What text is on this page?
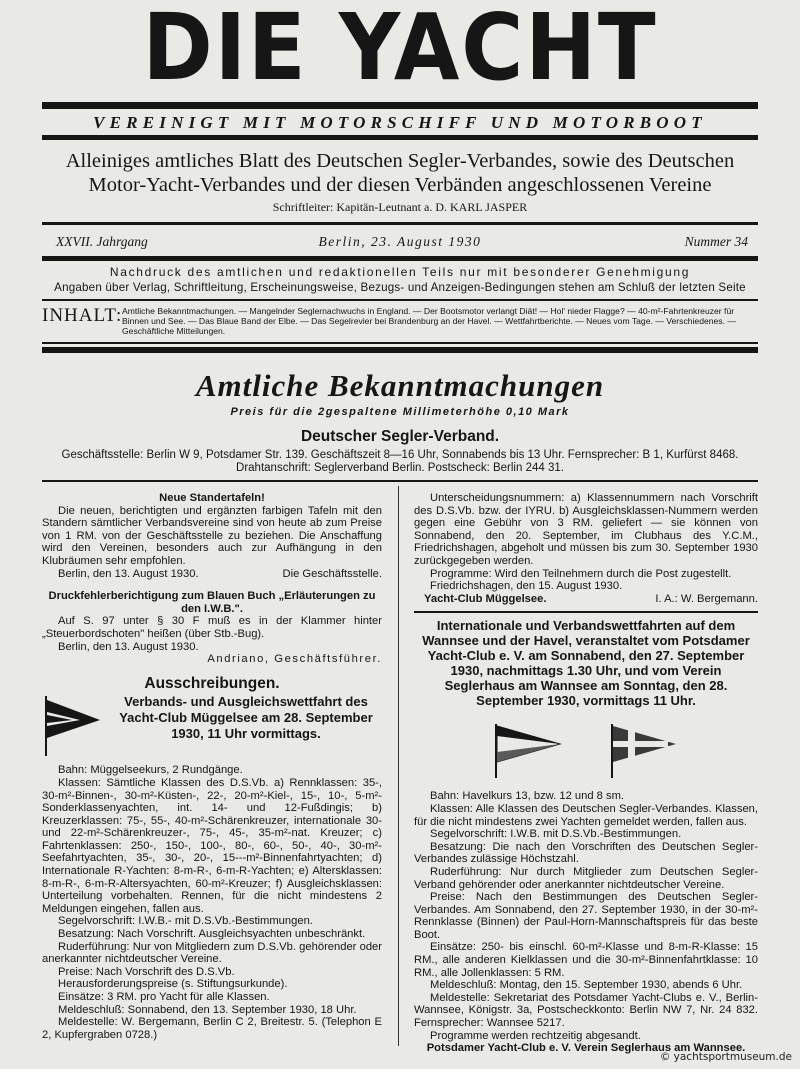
DIE YACHT
VEREINIGT MIT MOTORSCHIFF UND MOTORBOOT
Alleiniges amtliches Blatt des Deutschen Segler-Verbandes, sowie des Deutschen
Motor-Yacht-Verbandes und der diesen Verbänden angeschlossenen Vereine
Schriftleiter: Kapitän-Leutnant a. D. KARL JASPER
XXVII. Jahrgang	Berlin, 23. August 1930	Nummer 34
Nachdruck des amtlichen und redaktionellen Teils nur mit besonderer Genehmigung
Angaben über Verlag, Schriftleitung, Erscheinungsweise, Bezugs- und Anzeigen-Bedingungen stehen am Schluß der letzten Seite
INHALT: Amtliche Bekanntmachungen. — Mangelnder Seglernachwuchs in England. — Der Bootsmotor verlangt Diät! — Hol' nieder Flagge? — 40-m²-Fahrtenkreuzer für Binnen und See. — Das Blaue Band der Elbe. — Das Segelrevier bei Brandenburg an der Havel. — Wettfahrtberichte. — Neues vom Tage. — Verschiedenes. — Geschäftliche Mitteilungen.
Amtliche Bekanntmachungen
Preis für die 2gespaltene Millimeterhöhe 0,10 Mark
Deutscher Segler-Verband.
Geschäftsstelle: Berlin W 9, Potsdamer Str. 139. Geschäftszeit 8—16 Uhr, Sonnabends bis 13 Uhr. Fernsprecher: B 1, Kurfürst 8468.
Drahtanschrift: Seglerverband Berlin. Postscheck: Berlin 244 31.

Neue Standertafeln!

Die neuen, berichtigten und ergänzten farbigen Tafeln mit den Standern sämtlicher Verbandsvereine sind von heute ab zum Preise von 1 RM. von der Geschäftsstelle zu beziehen. Die Anschaffung wird den Vereinen, besonders auch zur Aufhängung in den Klubräumen sehr empfohlen.

Berlin, den 13. August 1930.	Die Geschäftsstelle.

Druckfehlerberichtigung zum Blauen Buch „Erläuterungen zu den I.W.B.".

Auf S. 97 unter § 30 F muß es in der Klammer hinter „Steuerbordschoten" heißen (über Stb.-Bug).

Berlin, den 13. August 1930.

Andriano, Geschäftsführer.

Ausschreibungen.

Verbands- und Ausgleichswettfahrt des Yacht-Club Müggelsee am 28. September 1930, 11 Uhr vormittags.

Bahn: Müggelseekurs, 2 Rundgänge.

Klassen: Sämtliche Klassen des D.S.Vb. a) Rennklassen: 35-, 30-m²-Binnen-, 30-m²-Küsten-, 22-, 20-m²-Kiel-, 15-, 10-, 5-m²-Sonderklassenyachten, int. 14- und 12-Fußdingis; b) Kreuzerklassen: 75-, 55-, 40-m²-Schärenkreuzer, internationale 30- und 22-m²-Schärenkreuzer-, 75-, 45-, 35-m²-nat. Kreuzer; c) Fahrtenklassen: 250-, 150-, 100-, 80-, 60-, 50-, 40-, 30-m²-Seefahrtyachten, 35-, 30-, 20-, 15---m²-Binnenfahrtyachten; d) Internationale R-Yachten: 8-m-R-, 6-m-R-Yachten; e) Altersklassen: 8-m-R-, 6-m-R-Altersyachten, 60-m²-Kreuzer; f) Ausgleichsklassen: Unterteilung vorbehalten. Rennen, für die nicht mindestens 2 Meldungen eingehen, fallen aus.

Segelvorschrift: I.W.B.- mit D.S.Vb.-Bestimmungen.

Besatzung: Nach Vorschrift. Ausgleichsyachten unbeschränkt.

Ruderführung: Nur von Mitgliedern zum D.S.Vb. gehörender oder anerkannter nichtdeutscher Vereine.

Preise: Nach Vorschrift des D.S.Vb.

Herausforderungspreise (s. Stiftungsurkunde).

Einsätze: 3 RM. pro Yacht für alle Klassen.

Meldeschluß: Sonnabend, den 13. September 1930, 18 Uhr.

Meldestelle: W. Bergemann, Berlin C 2, Breitestr. 5. (Telephon E 2, Kupfergraben 0728.)

Unterscheidungsnummern: a) Klassennummern nach Vorschrift des D.S.Vb. bzw. der IYRU. b) Ausgleichsklassen-Nummern werden gegen eine Gebühr von 3 RM. geliefert — sie können von Sonnabend, den 20. September, im Clubhaus des Y.C.M., Friedrichshagen, abgeholt und müssen bis zum 30. September 1930 zurückgegeben werden.

Programme: Wird den Teilnehmern durch die Post zugestellt.

Friedrichshagen, den 15. August 1930.

Yacht-Club Müggelsee.	I. A.: W. Bergemann.

Internationale und Verbandswettfahrten auf dem Wannsee und der Havel, veranstaltet vom Potsdamer Yacht-Club e. V. am Sonnabend, den 27. September 1930, nachmittags 1.30 Uhr, und vom Verein Seglerhaus am Wannsee am Sonntag, den 28. September 1930, vormittags 11 Uhr.

Bahn: Havelkurs 13, bzw. 12 und 8 sm.

Klassen: Alle Klassen des Deutschen Segler-Verbandes. Klassen, für die nicht mindestens zwei Yachten gemeldet werden, fallen aus.

Segelvorschrift: I.W.B. mit D.S.Vb.-Bestimmungen.

Besatzung: Die nach den Vorschriften des Deutschen Segler-Verbandes zulässige Höchstzahl.

Ruderführung: Nur durch Mitglieder zum Deutschen Segler-Verband gehörender oder anerkannter nichtdeutscher Vereine.

Preise: Nach den Bestimmungen des Deutschen Segler-Verbandes. Am Sonnabend, den 27. September 1930, in der 30-m²-Rennklasse (Binnen) der Paul-Horn-Mannschaftspreis für das beste Boot.

Einsätze: 250- bis einschl. 60-m²-Klasse und 8-m-R-Klasse: 15 RM., alle anderen Kielklassen und die 30-m²-Binnenfahrtklasse: 10 RM., alle Jollenklassen: 5 RM.

Meldeschluß: Montag, den 15. September 1930, abends 6 Uhr.

Meldestelle: Sekretariat des Potsdamer Yacht-Clubs e. V., Berlin-Wannsee, Königstr. 3a, Postscheckkonto: Berlin NW 7, Nr. 24 832. Fernsprecher: Wannsee 5217.

Programme werden rechtzeitig abgesandt.

Potsdamer Yacht-Club e. V. Verein Seglerhaus am Wannsee.

© yachtsportmuseum.de
